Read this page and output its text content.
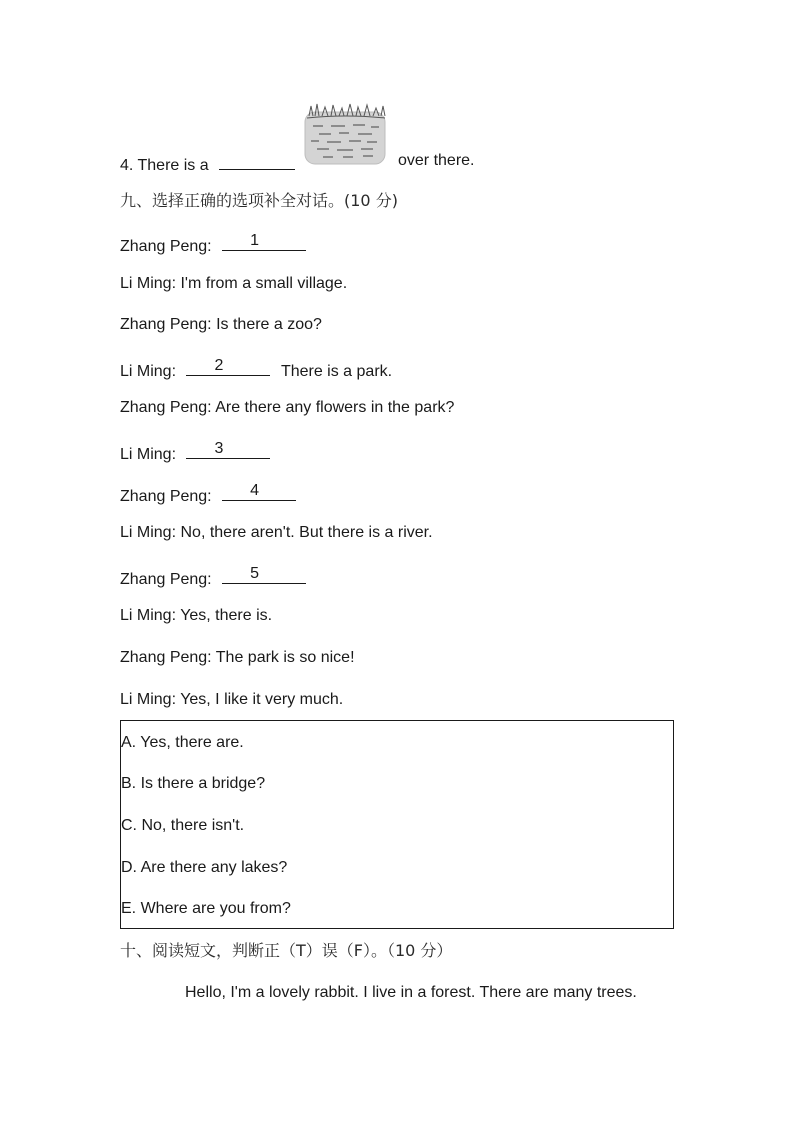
4. There is a	over there.
九、选择正确的选项补全对话。(10 分)
Zhang Peng: 1
Li Ming: I'm from a small village.
Zhang Peng: Is there a zoo?
Li Ming: 2	There is a park.
Zhang Peng: Are there any flowers in the park?
Li Ming: 3
Zhang Peng: 4
Li Ming: No, there aren't. But there is a river.
Zhang Peng: 5
Li Ming: Yes, there is.
Zhang Peng: The park is so nice!
Li Ming: Yes, I like it very much.
A. Yes, there are.
B. Is there a bridge?
C. No, there isn't.
D. Are there any lakes?
E. Where are you from?
十、阅读短文，判断正（T）误（F）。（10 分）
Hello, I'm a lovely rabbit. I live in a forest. There are many trees.
